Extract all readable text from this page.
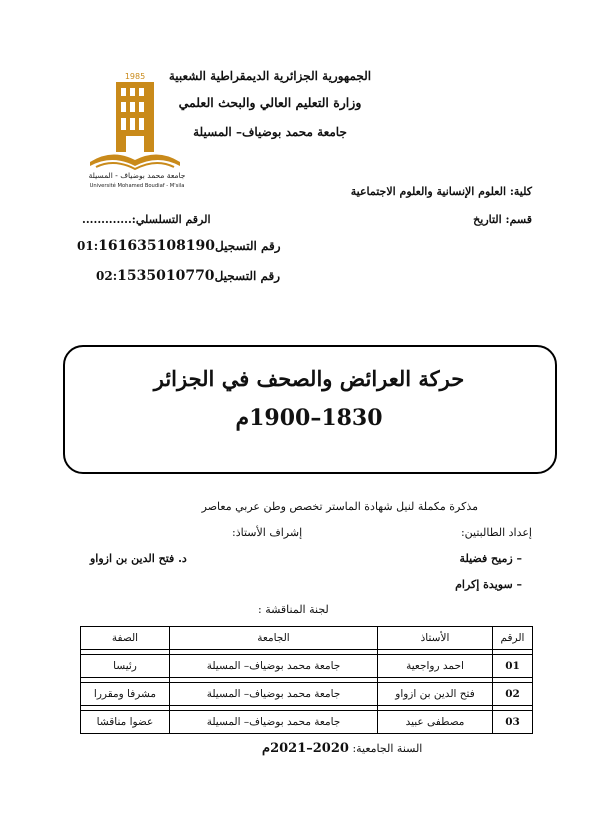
الجمهورية الجزائرية الديمقراطية الشعبية
وزارة التعليم العالي والبحث العلمي
جامعة محمد بوضياف– المسيلة
1985
جامعة محمد بوضياف - المسيلة
Université Mohamed Boudiaf - M'sila	كلية: العلوم الإنسانية والعلوم الاجتماعية
قسم: التاريخ
الرقم التسلسلي:.............
رقم التسجيل01:161635108190
رقم التسجيل02:1535010770
حركة العرائض والصحف في الجزائر
1830–1900م
مذكرة مكملة لنيل شهادة الماستر تخصص وطن عربي معاصر
إعداد الطالبتين:
– زميح فضيلة
– سويدة إكرام
إشراف الأستاذ:
د. فتح الدين بن ازواو
لجنة المناقشة :
الرقم	الأستاذ	الجامعة	الصفة

01	احمد رواجعية	جامعة محمد بوضياف– المسيلة	رئيسا

02	فتح الدين بن ازواو	جامعة محمد بوضياف– المسيلة	مشرفا ومقررا

03	مصطفى عبيد	جامعة محمد بوضياف– المسيلة	عضوا مناقشا
السنة الجامعية: 2020–2021م
